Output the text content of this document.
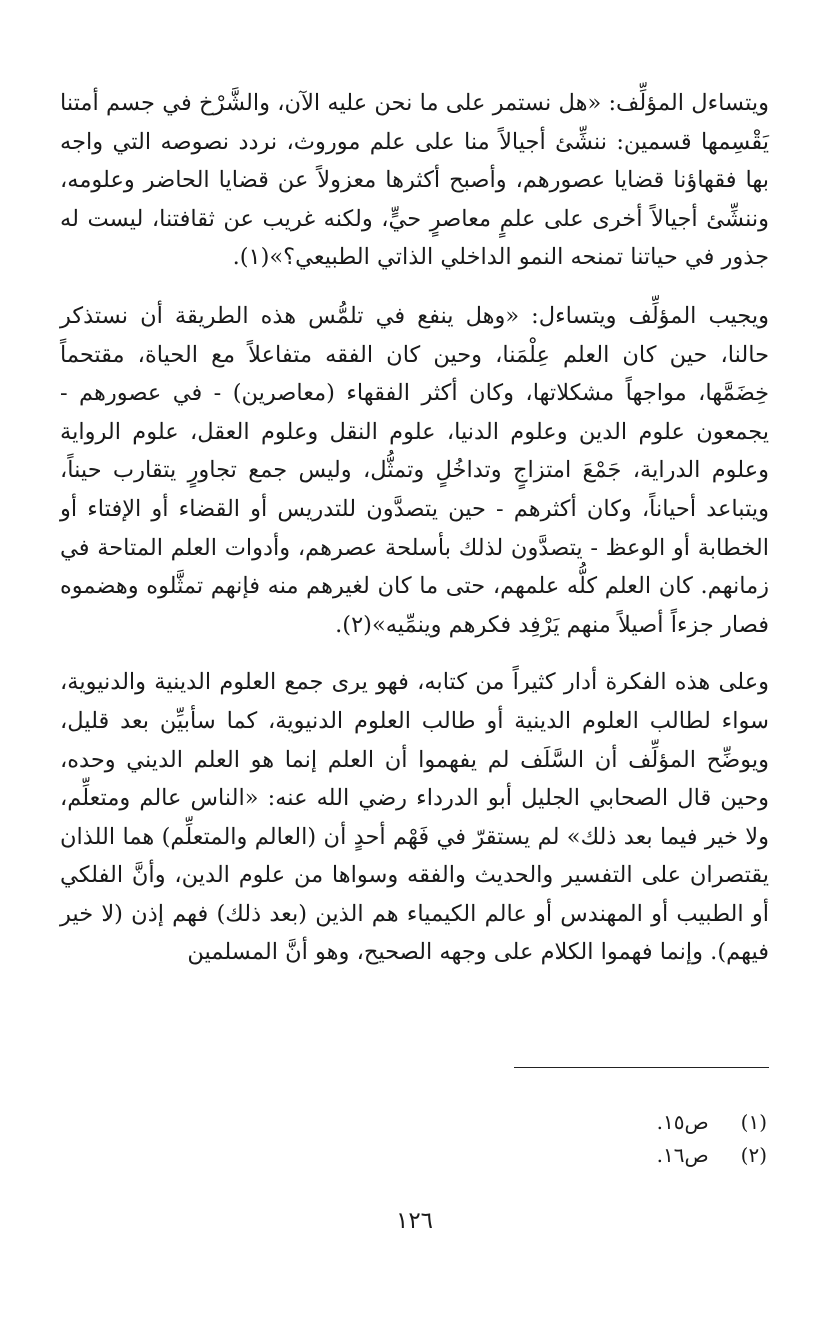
ويتساءل المؤلِّف: «هل نستمر على ما نحن عليه الآن، والشَّرْخ في جسم أمتنا يَقْسِمها قسمين: ننشِّئ أجيالاً منا على علم موروث، نردد نصوصه التي واجه بها فقهاؤنا قضايا عصورهم، وأصبح أكثرها معزولاً عن قضايا الحاضر وعلومه، وننشِّئ أجيالاً أخرى على علمٍ معاصرٍ حيٍّ، ولكنه غريب عن ثقافتنا، ليست له جذور في حياتنا تمنحه النمو الداخلي الذاتي الطبيعي؟»(١).

ويجيب المؤلِّف ويتساءل: «وهل ينفع في تلمُّس هذه الطريقة أن نستذكر حالنا، حين كان العلم عِلْمَنا، وحين كان الفقه متفاعلاً مع الحياة، مقتحماً خِضَمَّها، مواجهاً مشكلاتها، وكان أكثر الفقهاء (معاصرين) - في عصورهم - يجمعون علوم الدين وعلوم الدنيا، علوم النقل وعلوم العقل، علوم الرواية وعلوم الدراية، جَمْعَ امتزاجٍ وتداخُلٍ وتمثُّل، وليس جمع تجاورٍ يتقارب حيناً، ويتباعد أحياناً، وكان أكثرهم - حين يتصدَّون للتدريس أو القضاء أو الإفتاء أو الخطابة أو الوعظ - يتصدَّون لذلك بأسلحة عصرهم، وأدوات العلم المتاحة في زمانهم. كان العلم كلُّه علمهم، حتى ما كان لغيرهم منه فإنهم تمثَّلوه وهضموه فصار جزءاً أصيلاً منهم يَرْفِد فكرهم وينمِّيه»(٢).

وعلى هذه الفكرة أدار كثيراً من كتابه، فهو يرى جمع العلوم الدينية والدنيوية، سواء لطالب العلوم الدينية أو طالب العلوم الدنيوية، كما سأبيِّن بعد قليل، ويوضِّح المؤلِّف أن السَّلَف لم يفهموا أن العلم إنما هو العلم الديني وحده، وحين قال الصحابي الجليل أبو الدرداء رضي الله عنه: «الناس عالم ومتعلِّم، ولا خير فيما بعد ذلك» لم يستقرّ في فَهْم أحدٍ أن (العالم والمتعلِّم) هما اللذان يقتصران على التفسير والحديث والفقه وسواها من علوم الدين، وأنَّ الفلكي أو الطبيب أو المهندس أو عالم الكيمياء هم الذين (بعد ذلك) فهم إذن (لا خير فيهم). وإنما فهموا الكلام على وجهه الصحيح، وهو أنَّ المسلمين

(١) ص١٥.
(٢) ص١٦.
١٢٦
